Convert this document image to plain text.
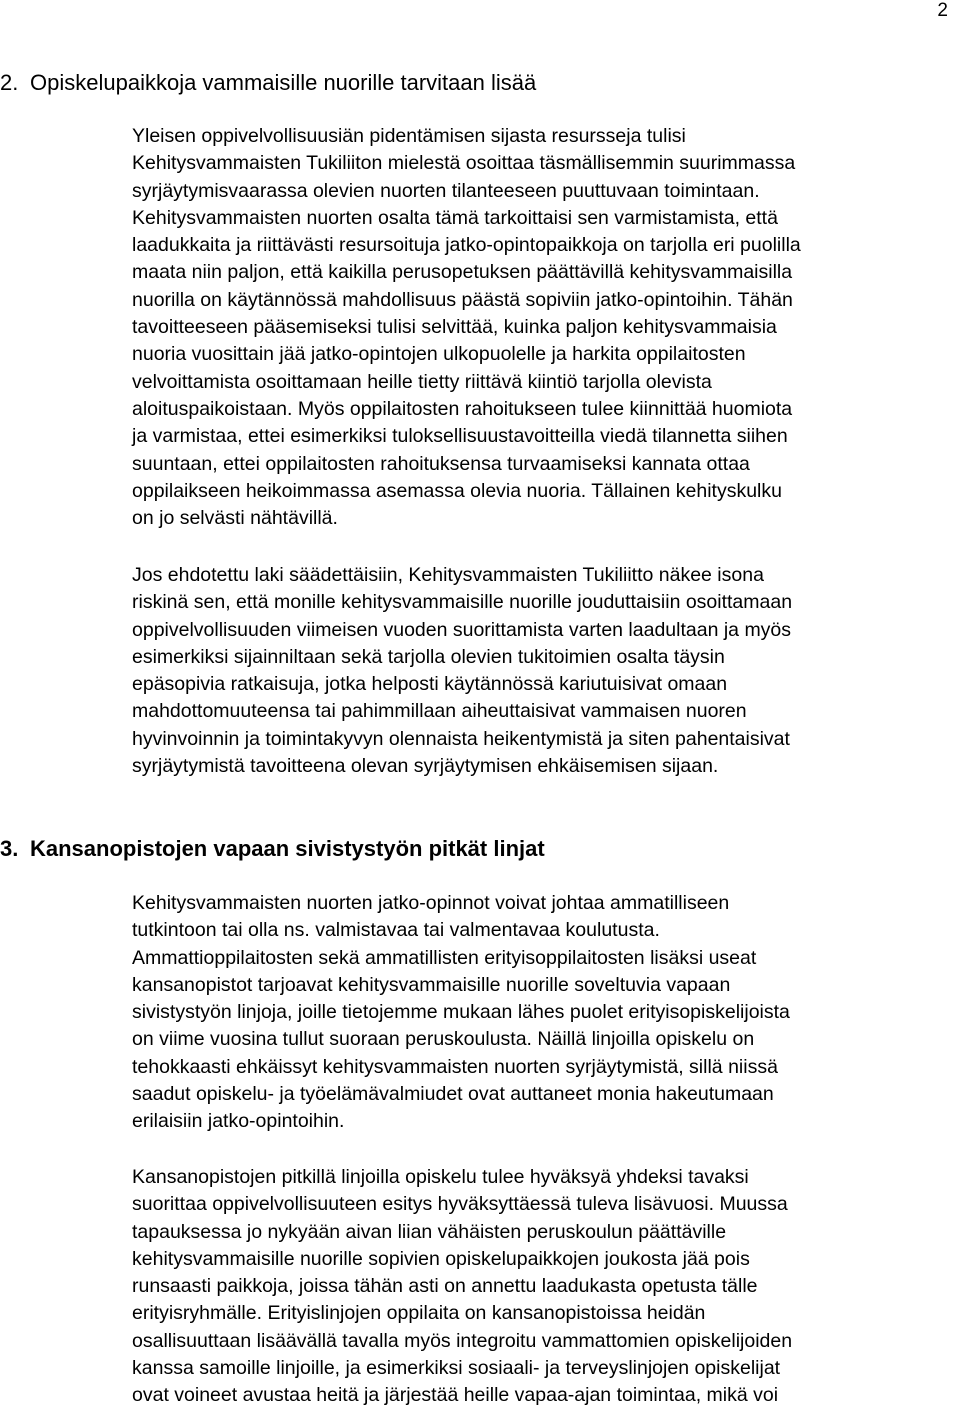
2
2. Opiskelupaikkoja vammaisille nuorille tarvitaan lisää

Yleisen oppivelvollisuusiän pidentämisen sijasta resursseja tulisi
Kehitysvammaisten Tukiliiton mielestä osoittaa täsmällisemmin suurimmassa
syrjäytymisvaarassa olevien nuorten tilanteeseen puuttuvaan toimintaan.
Kehitysvammaisten nuorten osalta tämä tarkoittaisi sen varmistamista, että
laadukkaita ja riittävästi resursoituja jatko-opintopaikkoja on tarjolla eri puolilla
maata niin paljon, että kaikilla perusopetuksen päättävillä kehitysvammaisilla
nuorilla on käytännössä mahdollisuus päästä sopiviin jatko-opintoihin. Tähän
tavoitteeseen pääsemiseksi tulisi selvittää, kuinka paljon kehitysvammaisia
nuoria vuosittain jää jatko-opintojen ulkopuolelle ja harkita oppilaitosten
velvoittamista osoittamaan heille tietty riittävä kiintiö tarjolla olevista
aloituspaikoistaan. Myös oppilaitosten rahoitukseen tulee kiinnittää huomiota
ja varmistaa, ettei esimerkiksi tuloksellisuustavoitteilla viedä tilannetta siihen
suuntaan, ettei oppilaitosten rahoituksensa turvaamiseksi kannata ottaa
oppilaikseen heikoimmassa asemassa olevia nuoria. Tällainen kehityskulku
on jo selvästi nähtävillä.

Jos ehdotettu laki säädettäisiin, Kehitysvammaisten Tukiliitto näkee isona
riskinä sen, että monille kehitysvammaisille nuorille jouduttaisiin osoittamaan
oppivelvollisuuden viimeisen vuoden suorittamista varten laadultaan ja myös
esimerkiksi sijainniltaan sekä tarjolla olevien tukitoimien osalta täysin
epäsopivia ratkaisuja, jotka helposti käytännössä kariutuisivat omaan
mahdottomuuteensa tai pahimmillaan aiheuttaisivat vammaisen nuoren
hyvinvoinnin ja toimintakyvyn olennaista heikentymistä ja siten pahentaisivat
syrjäytymistä tavoitteena olevan syrjäytymisen ehkäisemisen sijaan.

3. Kansanopistojen vapaan sivistystyön pitkät linjat

Kehitysvammaisten nuorten jatko-opinnot voivat johtaa ammatilliseen
tutkintoon tai olla ns. valmistavaa tai valmentavaa koulutusta.
Ammattioppilaitosten sekä ammatillisten erityisoppilaitosten lisäksi useat
kansanopistot tarjoavat kehitysvammaisille nuorille soveltuvia vapaan
sivistystyön linjoja, joille tietojemme mukaan lähes puolet erityisopiskelijoista
on viime vuosina tullut suoraan peruskoulusta. Näillä linjoilla opiskelu on
tehokkaasti ehkäissyt kehitysvammaisten nuorten syrjäytymistä, sillä niissä
saadut opiskelu- ja työelämävalmiudet ovat auttaneet monia hakeutumaan
erilaisiin jatko-opintoihin.

Kansanopistojen pitkillä linjoilla opiskelu tulee hyväksyä yhdeksi tavaksi
suorittaa oppivelvollisuuteen esitys hyväksyttäessä tuleva lisävuosi. Muussa
tapauksessa jo nykyään aivan liian vähäisten peruskoulun päättäville
kehitysvammaisille nuorille sopivien opiskelupaikkojen joukosta jää pois
runsaasti paikkoja, joissa tähän asti on annettu laadukasta opetusta tälle
erityisryhmälle. Erityislinjojen oppilaita on kansanopistoissa heidän
osallisuuttaan lisäävällä tavalla myös integroitu vammattomien opiskelijoiden
kanssa samoille linjoille, ja esimerkiksi sosiaali- ja terveyslinjojen opiskelijat
ovat voineet avustaa heitä ja järjestää heille vapaa-ajan toimintaa, mikä voi
